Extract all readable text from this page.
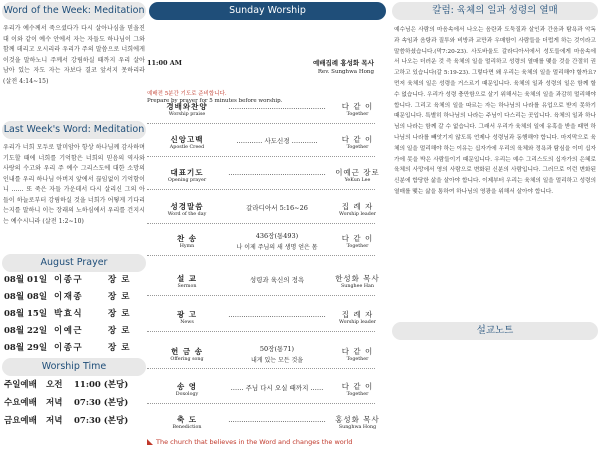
Word of the Week: Meditation
우리가 예수께서 죽으셨다가 다시 살아나심을 믿을진대 이와 같이 예수 안에서 자는 자들도 하나님이 그와 함께 데리고 오시리라 우리가 주의 말씀으로 너희에게 이것을 말하노니 주께서 강림하실 때까지 우리 살아 남아 있는 자도 자는 자보다 결코 앞서지 못하리라 (살전 4:14~15)
Last Week's Word: Meditation
우리가 너희 모두로 말미암아 항상 하나님께 감사하며 기도할 때에 너희를 기억함은 너희의 믿음의 역사와 사랑의 수고와 우리 주 예수 그리스도에 대한 소망의 인내를 우리 하나님 아버지 앞에서 끊임없이 기억함이니 …… 또 죽은 자들 가운데서 다시 살리신 그의 아들이 하늘로부터 강림하실 것을 너희가 어떻게 기다리는지를 말하니 이는 장래의 노하심에서 우리를 건지시는 예수시니라 (살전 1:2~10)
August Prayer
08월 01일 이종구	장로
08월 08일 이재종	장로
08월 15일 박효식	장로
08월 22일 이예근	장로
08월 29일 이종구	장로
Worship Time
주일예배	오전	11:00 (본당)
수요예배	저녁	07:30 (본당)
금요예배	저녁	07:30 (본당)
Sunday Worship
11:00 AM	예배집례 홍성화 목사
Rev. Sunghwa Hong
예배전 5분간 기도로 준비합니다.
Prepare by prayer for 5 minutes before worship.
경배와찬양
Worship praise
………………………………………	다 같 이
Together
신앙고백
Apostle Creed
………… 사도신경 …………	다 같 이
Together
대표기도
Opening prayer
………………………………………	이예근 장로
YeKun Lee
성경말씀
Word of the day
갈라디아서 5:16~26	집 례 자
Worship leader
찬 송
Hymn
436장(통493)
나 이제 주님의 새 생명 얻은 몸
다 같 이
Together
설 교
Sermon
성령과 육신의 정욕	한성화 목사
Sunghee Han
광 고
News
………………………………………	집 례 자
Worship leader
헌 금 송
Offering song
50장(통71)
내게 있는 모든 것을
다 같 이
Together
송 영
Doxology
…… 주님 다시 오실 때까지 ……	다 같 이
Together
축 도
Benediction
………………………………………	홍성화 목사
Sunghwa Hong
The church that believes in the Word and changes the world
칼럼: 육체의 일과 성령의 열매
예수님은 사람의 마음속에서 나오는 음란과 도둑질과 살인과 간음과 탐욕과 악독과 속임과 음탕과 질투와 비방과 교만과 우매함이 사람들을 더럽게 하는 것이라고 말씀하셨습니다.(막7:20-23). 사도바울도 갈라디아서에서 성도들에게 마음속에서 나오는 더러운 것 즉 육체의 일을 멀리하고 성령의 열매를 맺을 것을 간절히 권고하고 있습니다(갈 5:19-23). 그렇다면 왜 우리는 육체의 일을 멀리해야 할까요? 먼저 육체의 일은 성령을 거스르기 때문입니다. 육체의 일과 성령의 일은 함께 할 수 없습니다. 우리가 성령 충만함으로 살기 위해서는 육체의 일을 과감히 멀리해야 합니다. 그리고 육체의 일을 따르는 자는 하나님의 나라를 유업으로 받지 못하기 때문입니다. 특별히 하나님의 나라는 주님이 다스리는 곳입니다. 육체의 일과 하나님의 나라는 함께 갈 수 없습니다. 그래서 우리가 육체의 일에 유혹을 받을 때면 하나님의 나라를 빼앗기지 않도록 언제나 성령님과 동행해야 합니다. 마지막으로 육체의 일을 멀리해야 하는 이유는 십자가에 우리의 육체와 정욕과 탐심을 이미 십자가에 못을 박은 사람들이기 때문입니다. 우리는 예수 그리스도의 십자가의 은혜로 육체의 사망에서 영의 사람으로 변화된 신분의 사람입니다. 그러므로 이런 변화된 신분에 합당한 삶을 살아야 합니다. 이제부터 우리는 육체의 일을 멀리하고 성령의 열매를 맺는 삶을 통하여 하나님의 영광을 위해서 살아야 합니다.
설교노트
